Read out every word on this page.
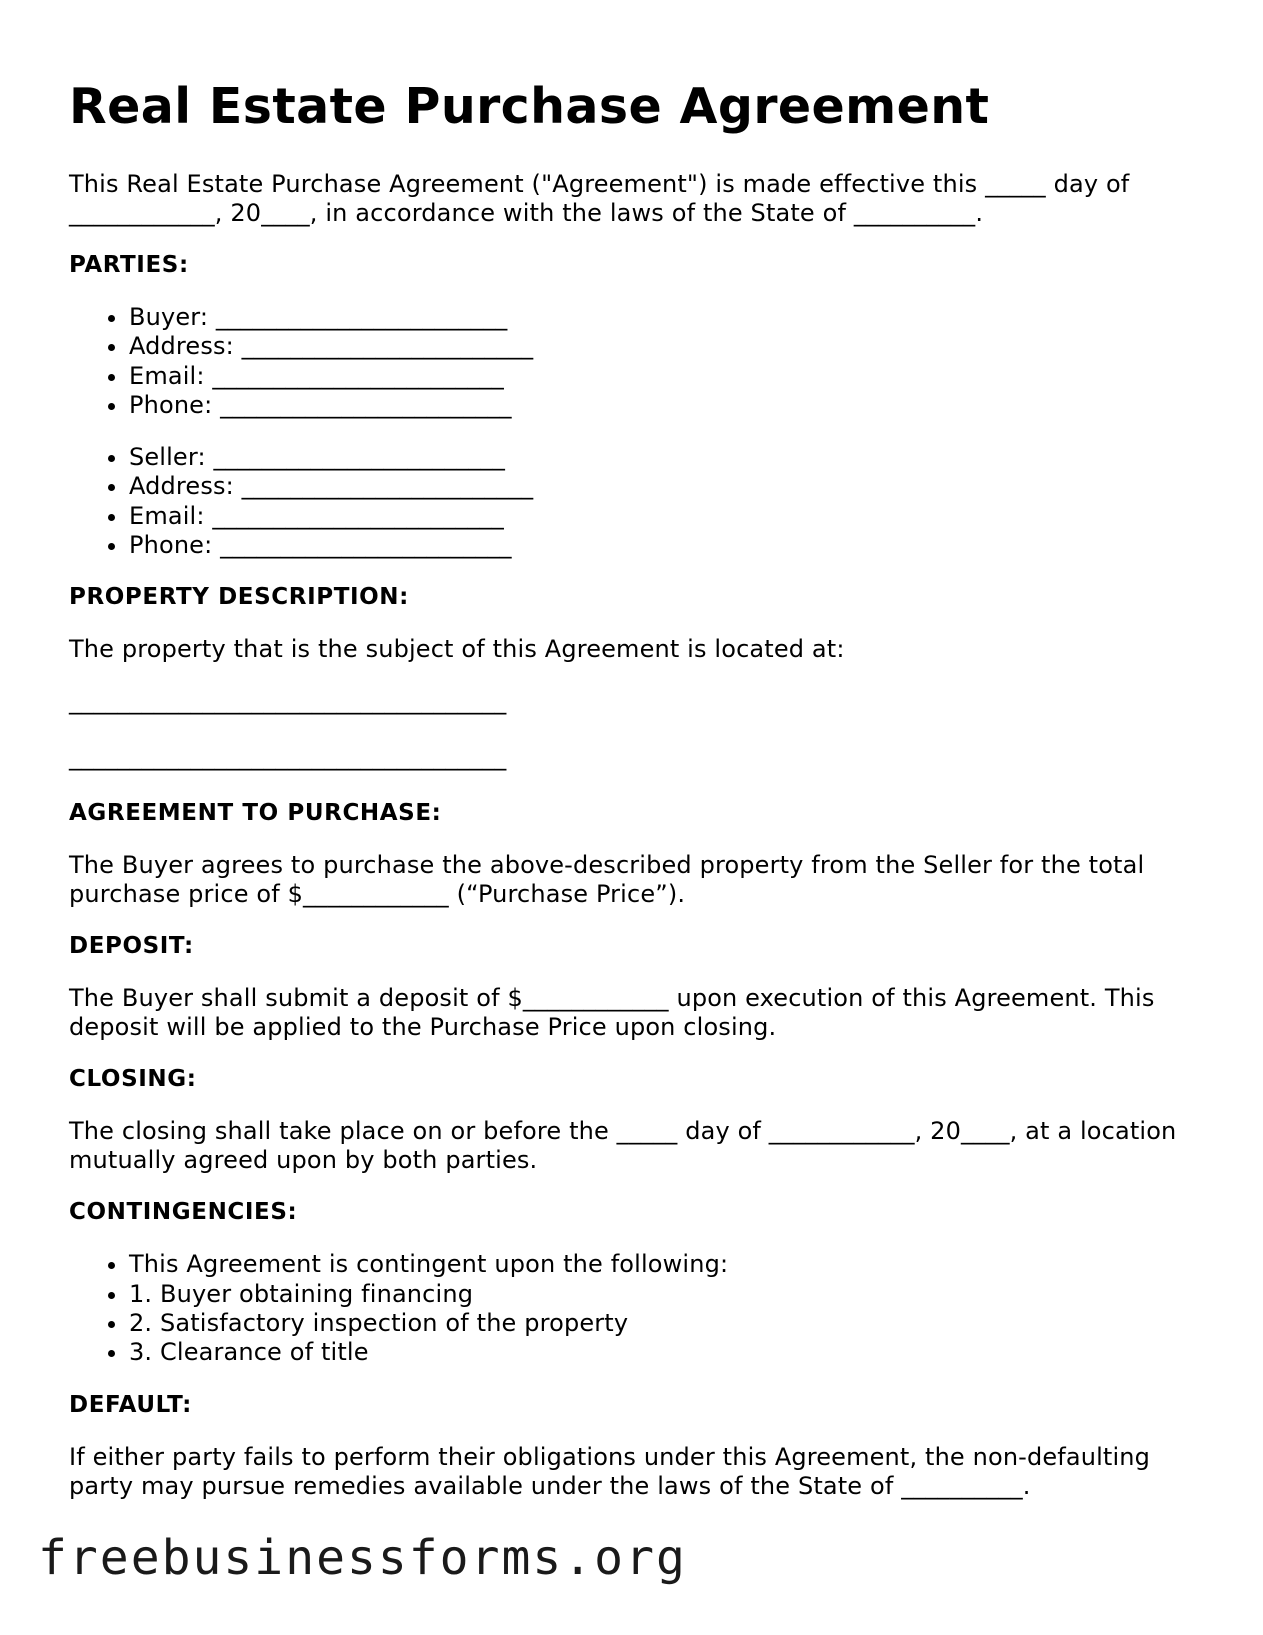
Real Estate Purchase Agreement

This Real Estate Purchase Agreement ("Agreement") is made effective this _____ day of ____________, 20____, in accordance with the laws of the State of __________.

PARTIES:
• Buyer: ________________________
• Address: ________________________
• Email: ________________________
• Phone: ________________________
• Seller: ________________________
• Address: ________________________
• Email: ________________________
• Phone: ________________________
PROPERTY DESCRIPTION:

The property that is the subject of this Agreement is located at:

____________________________________

____________________________________

AGREEMENT TO PURCHASE:

The Buyer agrees to purchase the above-described property from the Seller for the total purchase price of $____________ (“Purchase Price”).

DEPOSIT:

The Buyer shall submit a deposit of $____________ upon execution of this Agreement. This deposit will be applied to the Purchase Price upon closing.

CLOSING:

The closing shall take place on or before the _____ day of ____________, 20____, at a location mutually agreed upon by both parties.

CONTINGENCIES:
• This Agreement is contingent upon the following:
• 1. Buyer obtaining financing
• 2. Satisfactory inspection of the property
• 3. Clearance of title
DEFAULT:

If either party fails to perform their obligations under this Agreement, the non-defaulting party may pursue remedies available under the laws of the State of __________.

freebusinessforms.org
